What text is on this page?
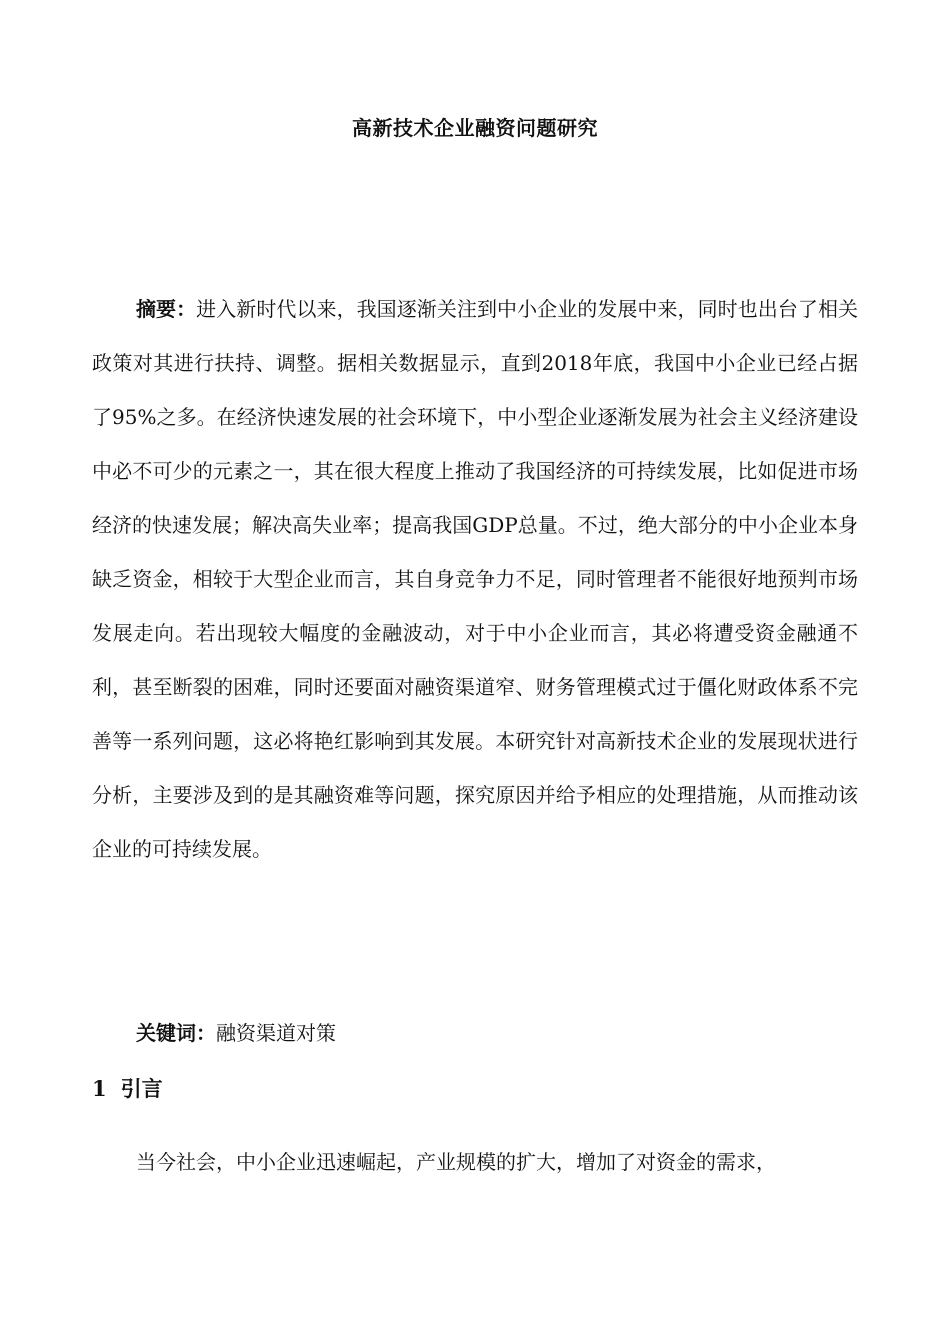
高新技术企业融资问题研究

摘要：进入新时代以来，我国逐渐关注到中小企业的发展中来，同时也出台了相关政策对其进行扶持、调整。据相关数据显示，直到2018年底，我国中小企业已经占据了95%之多。在经济快速发展的社会环境下，中小型企业逐渐发展为社会主义经济建设中必不可少的元素之一，其在很大程度上推动了我国经济的可持续发展，比如促进市场经济的快速发展；解决高失业率；提高我国GDP总量。不过，绝大部分的中小企业本身缺乏资金，相较于大型企业而言，其自身竞争力不足，同时管理者不能很好地预判市场发展走向。若出现较大幅度的金融波动，对于中小企业而言，其必将遭受资金融通不利，甚至断裂的困难，同时还要面对融资渠道窄、财务管理模式过于僵化财政体系不完善等一系列问题，这必将艳红影响到其发展。本研究针对高新技术企业的发展现状进行分析，主要涉及到的是其融资难等问题，探究原因并给予相应的处理措施，从而推动该企业的可持续发展。

关键词：融资渠道对策
1 引言

当今社会，中小企业迅速崛起，产业规模的扩大，增加了对资金的需求，
